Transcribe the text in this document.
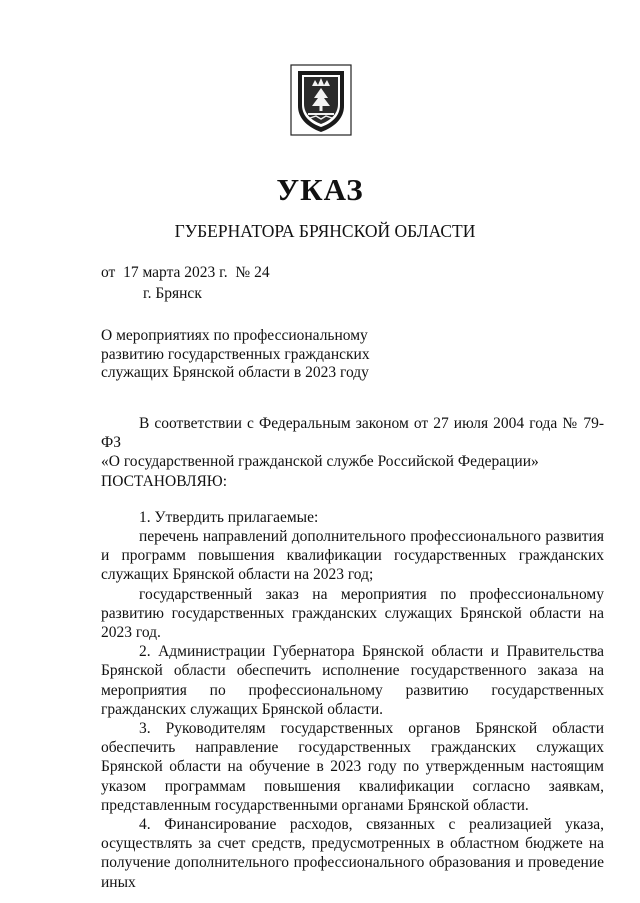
УКАЗ
ГУБЕРНАТОРА БРЯНСКОЙ ОБЛАСТИ
от  17 марта 2023 г.  № 24
г. Брянск
О мероприятиях по профессиональному
развитию государственных гражданских
служащих Брянской области в 2023 году

В соответствии с Федеральным законом от 27 июля 2004 года № 79-ФЗ

«О государственной гражданской службе Российской Федерации»

ПОСТАНОВЛЯЮ:

1. Утвердить прилагаемые:

перечень направлений дополнительного профессионального развития и программ повышения квалификации государственных гражданских служащих Брянской области на 2023 год;

государственный заказ на мероприятия по профессиональному развитию государственных гражданских служащих Брянской области на 2023 год.

2. Администрации Губернатора Брянской области и Правительства Брянской области обеспечить исполнение государственного заказа на мероприятия по профессиональному развитию государственных гражданских служащих Брянской области.

3. Руководителям государственных органов Брянской области обеспечить направление государственных гражданских служащих Брянской области на обучение в 2023 году по утвержденным настоящим указом программам повышения квалификации согласно заявкам, представленным государственными органами Брянской области.

4. Финансирование расходов, связанных с реализацией указа, осуществлять за счет средств, предусмотренных в областном бюджете на получение дополнительного профессионального образования и проведение иных
